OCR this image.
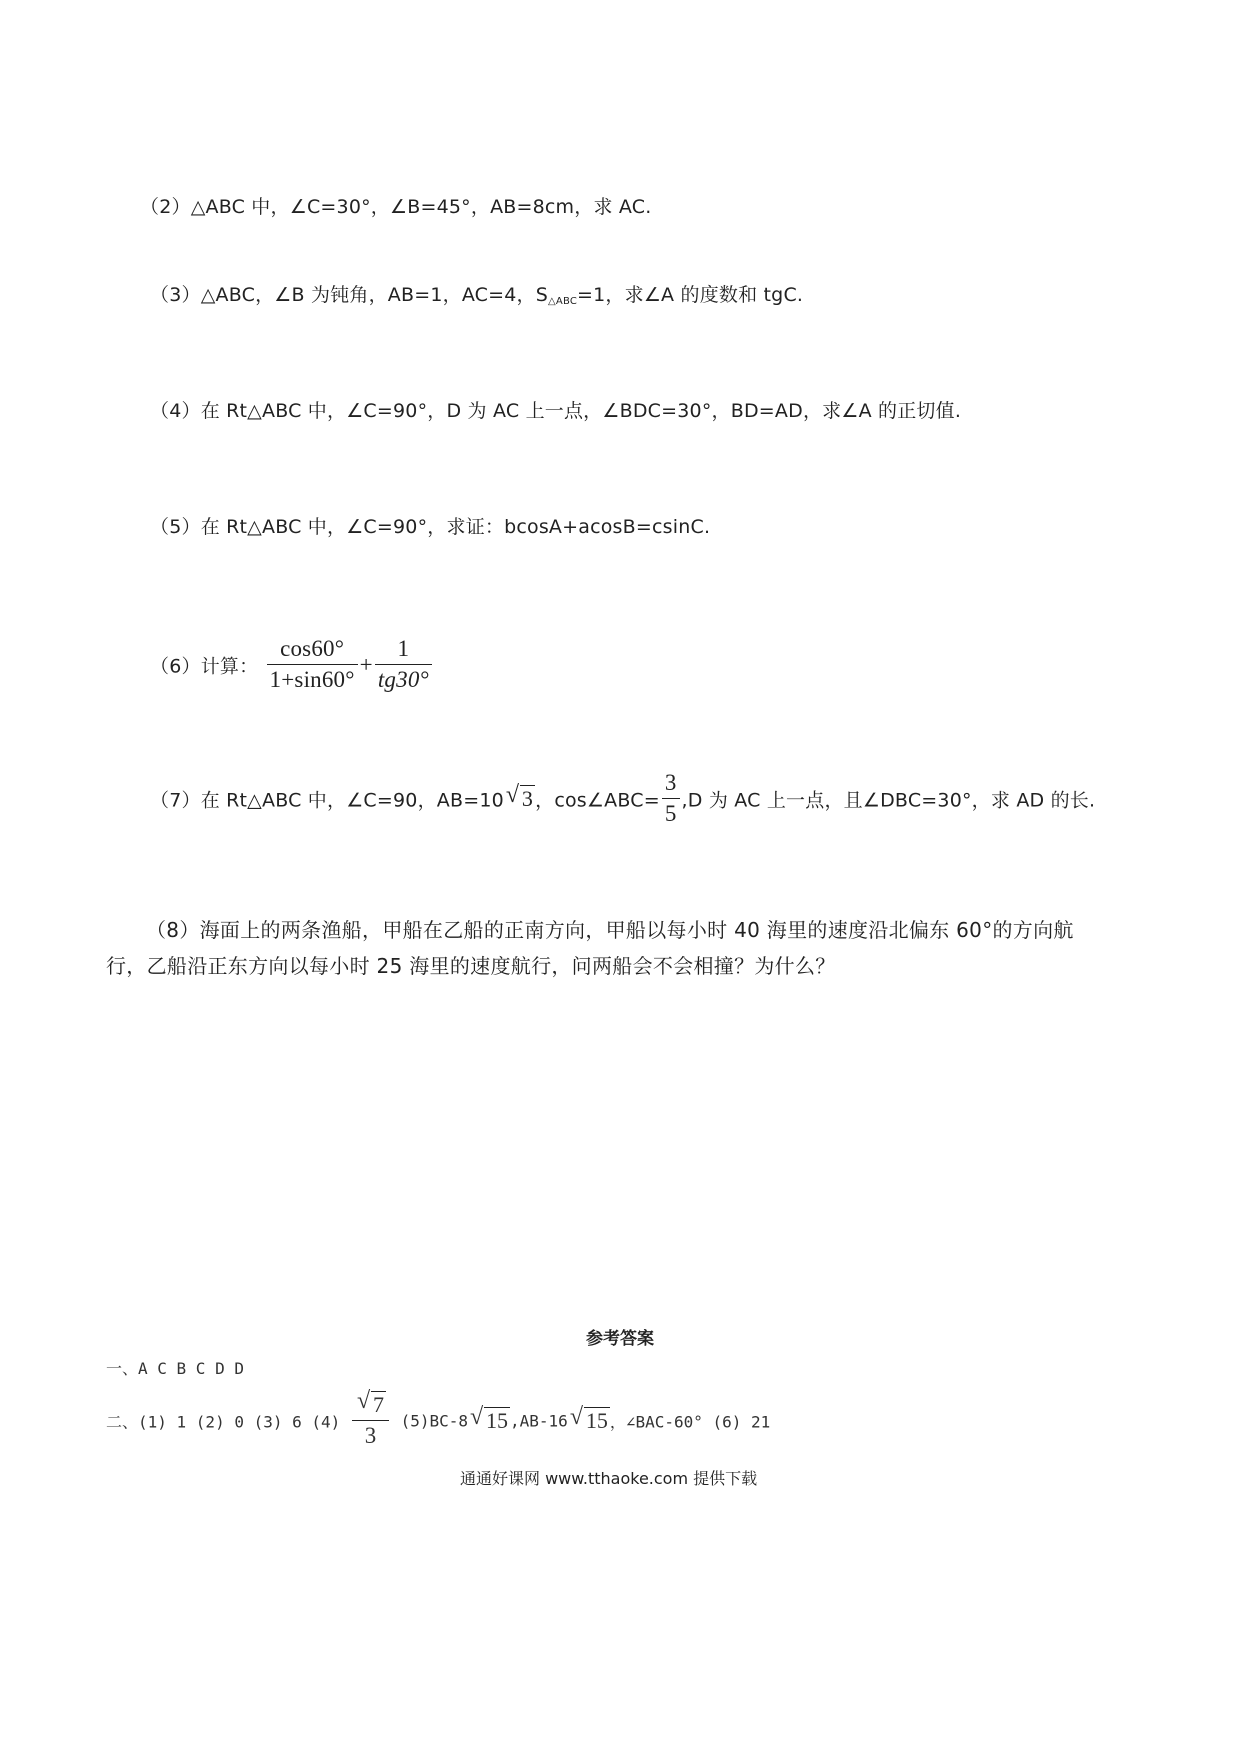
（2）△ABC 中，∠C=30°，∠B=45°，AB=8cm，求 AC.
（3）△ABC，∠B 为钝角，AB=1，AC=4，$S_{\triangle ABC}=1$，求∠A 的度数和 tgC.
（4）在 Rt△ABC 中，∠C=90°，D 为 AC 上一点，∠BDC=30°，BD=AD，求∠A 的正切值.
（5）在 Rt△ABC 中，∠C=90°，求证：bcosA+acosB=csinC.
（6）计算： $\frac{\cos 60^\circ}{1+\sin 60^\circ} + \frac{1}{tg30^\circ}$
（7）在 Rt△ABC 中，∠C=90，AB=10 √ 3 ，cos∠ABC= $\frac{3}{5} ,D$ 为 AC 上一点，且∠DBC=30°，求 AD 的长.
（8）海面上的两条渔船，甲船在乙船的正南方向，甲船以每小时 40 海里的速度沿北偏东 60°的方向航行，乙船沿正东方向以每小时 25 海里的速度航行，问两船会不会相撞？为什么？
参考答案
一、A C B C D D
二、(1) 1 (2) 0 (3) 6 $(4) \frac{√ 7}{3} (5)BC-8$ √ 15 ,AB-16 √ 15 ，∠BAC-60° (6) 21
通通好课网 www.tthaoke.com 提供下载
